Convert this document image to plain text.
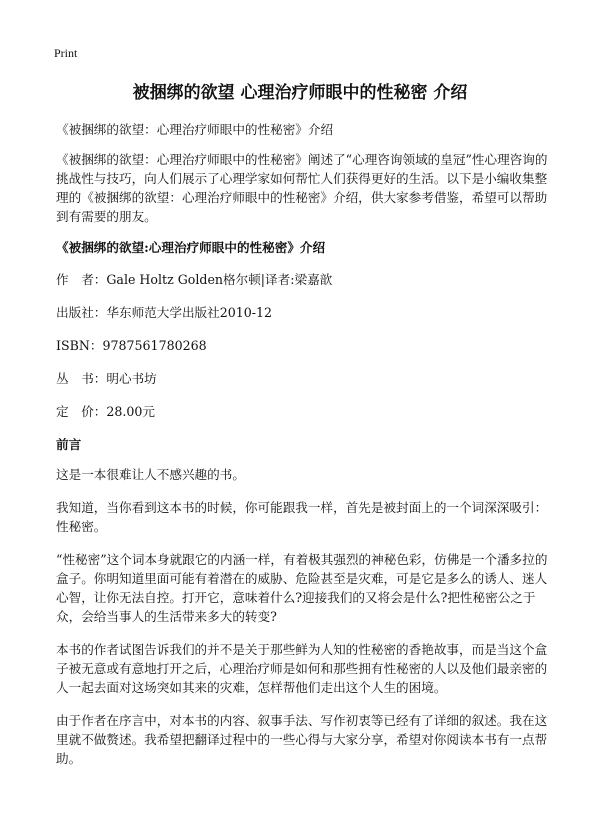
Print
被捆绑的欲望 心理治疗师眼中的性秘密 介绍

《被捆绑的欲望：心理治疗师眼中的性秘密》介绍

《被捆绑的欲望：心理治疗师眼中的性秘密》阐述了“心理咨询领域的皇冠”性心理咨询的挑战性与技巧，向人们展示了心理学家如何帮忙人们获得更好的生活。以下是小编收集整理的《被捆绑的欲望：心理治疗师眼中的性秘密》介绍，供大家参考借鉴，希望可以帮助到有需要的朋友。

《被捆绑的欲望:心理治疗师眼中的性秘密》介绍

作　者：Gale Holtz Golden格尔顿|译者:梁嘉歆

出版社：华东师范大学出版社2010-12

ISBN：9787561780268

丛　书：明心书坊

定　价：28.00元

前言

这是一本很难让人不感兴趣的书。

我知道，当你看到这本书的时候，你可能跟我一样，首先是被封面上的一个词深深吸引：性秘密。

“性秘密”这个词本身就跟它的内涵一样，有着极其强烈的神秘色彩，仿佛是一个潘多拉的盒子。你明知道里面可能有着潜在的威胁、危险甚至是灾难，可是它是多么的诱人、迷人心智，让你无法自控。打开它，意味着什么?迎接我们的又将会是什么?把性秘密公之于众，会给当事人的生活带来多大的转变?

本书的作者试图告诉我们的并不是关于那些鲜为人知的性秘密的香艳故事，而是当这个盒子被无意或有意地打开之后，心理治疗师是如何和那些拥有性秘密的人以及他们最亲密的人一起去面对这场突如其来的灾难，怎样帮他们走出这个人生的困境。

由于作者在序言中，对本书的内容、叙事手法、写作初衷等已经有了详细的叙述。我在这里就不做赘述。我希望把翻译过程中的一些心得与大家分享，希望对你阅读本书有一点帮助。
